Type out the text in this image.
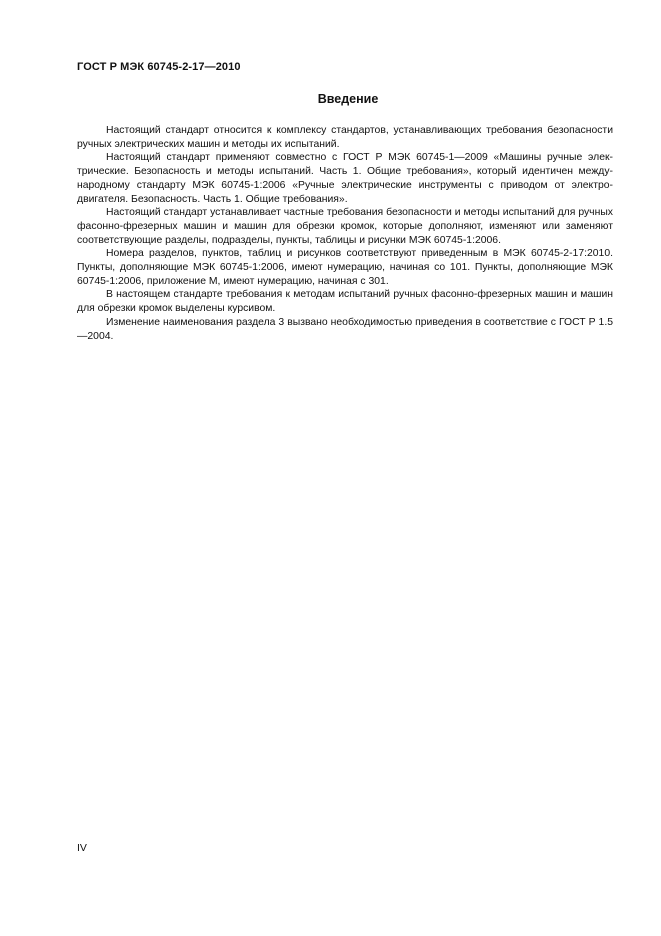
ГОСТ Р МЭК 60745-2-17—2010
Введение

Настоящий стандарт относится к комплексу стандартов, устанавливающих требования безопасности ручных электрических машин и методы их испытаний.

Настоящий стандарт применяют совместно с ГОСТ Р МЭК 60745-1—2009 «Машины ручные электрические. Безопасность и методы испытаний. Часть 1. Общие требования», который идентичен международному стандарту МЭК 60745-1:2006 «Ручные электрические инструменты с приводом от электродвигателя. Безопасность. Часть 1. Общие требования».

Настоящий стандарт устанавливает частные требования безопасности и методы испытаний для ручных фасонно-фрезерных машин и машин для обрезки кромок, которые дополняют, изменяют или заменяют соответствующие разделы, подразделы, пункты, таблицы и рисунки МЭК 60745-1:2006.

Номера разделов, пунктов, таблиц и рисунков соответствуют приведенным в МЭК 60745-2-17:2010. Пункты, дополняющие МЭК 60745-1:2006, имеют нумерацию, начиная со 101. Пункты, дополняющие МЭК 60745-1:2006, приложение М, имеют нумерацию, начиная с 301.

В настоящем стандарте требования к методам испытаний ручных фасонно-фрезерных машин и машин для обрезки кромок выделены курсивом.

Изменение наименования раздела 3 вызвано необходимостью приведения в соответствие с ГОСТ Р 1.5—2004.

IV
